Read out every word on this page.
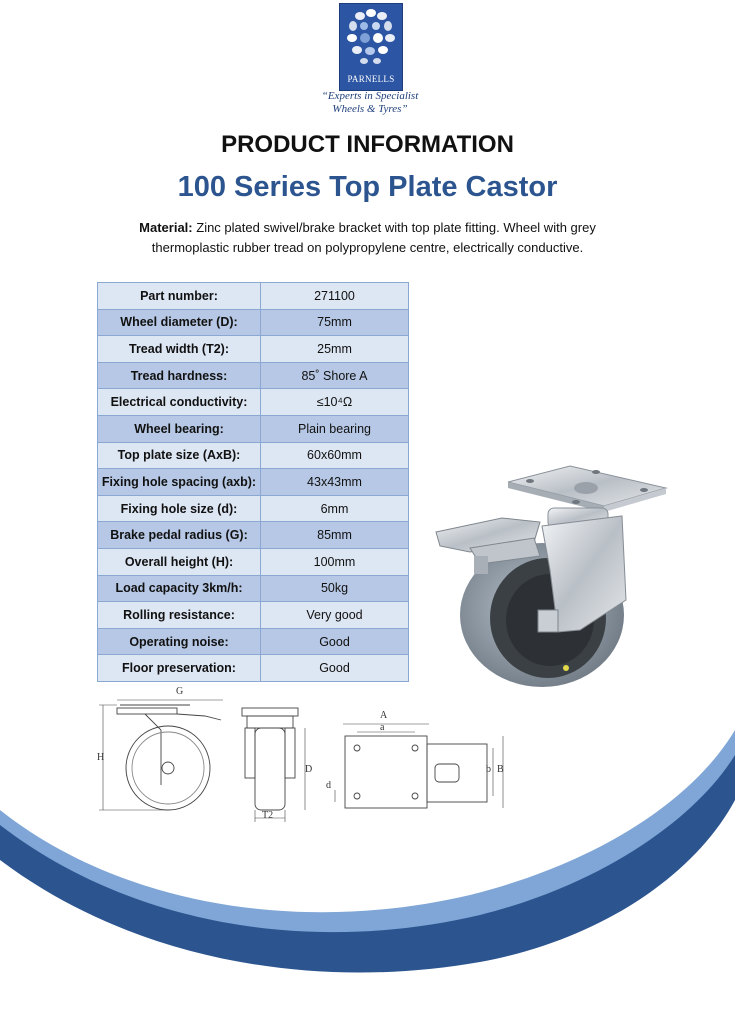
PARNELLS
“Experts in Specialist
Wheels & Tyres”
PRODUCT INFORMATION
100 Series Top Plate Castor
Material: Zinc plated swivel/brake bracket with top plate fitting. Wheel with grey
thermoplastic rubber tread on polypropylene centre, electrically conductive.
Part number:	271100
Wheel diameter (D):	75mm
Tread width (T2):	25mm
Tread hardness:	85˚ Shore A
Electrical conductivity:	≤10⁴Ω
Wheel bearing:	Plain bearing
Top plate size (AxB):	60x60mm
Fixing hole spacing (axb):	43x43mm
Fixing hole size (d):	6mm
Brake pedal radius (G):	85mm
Overall height (H):	100mm
Load capacity 3km/h:	50kg
Rolling resistance:	Very good
Operating noise:	Good
Floor preservation:	Good
G
H
D
T2
A
a
b B
d
